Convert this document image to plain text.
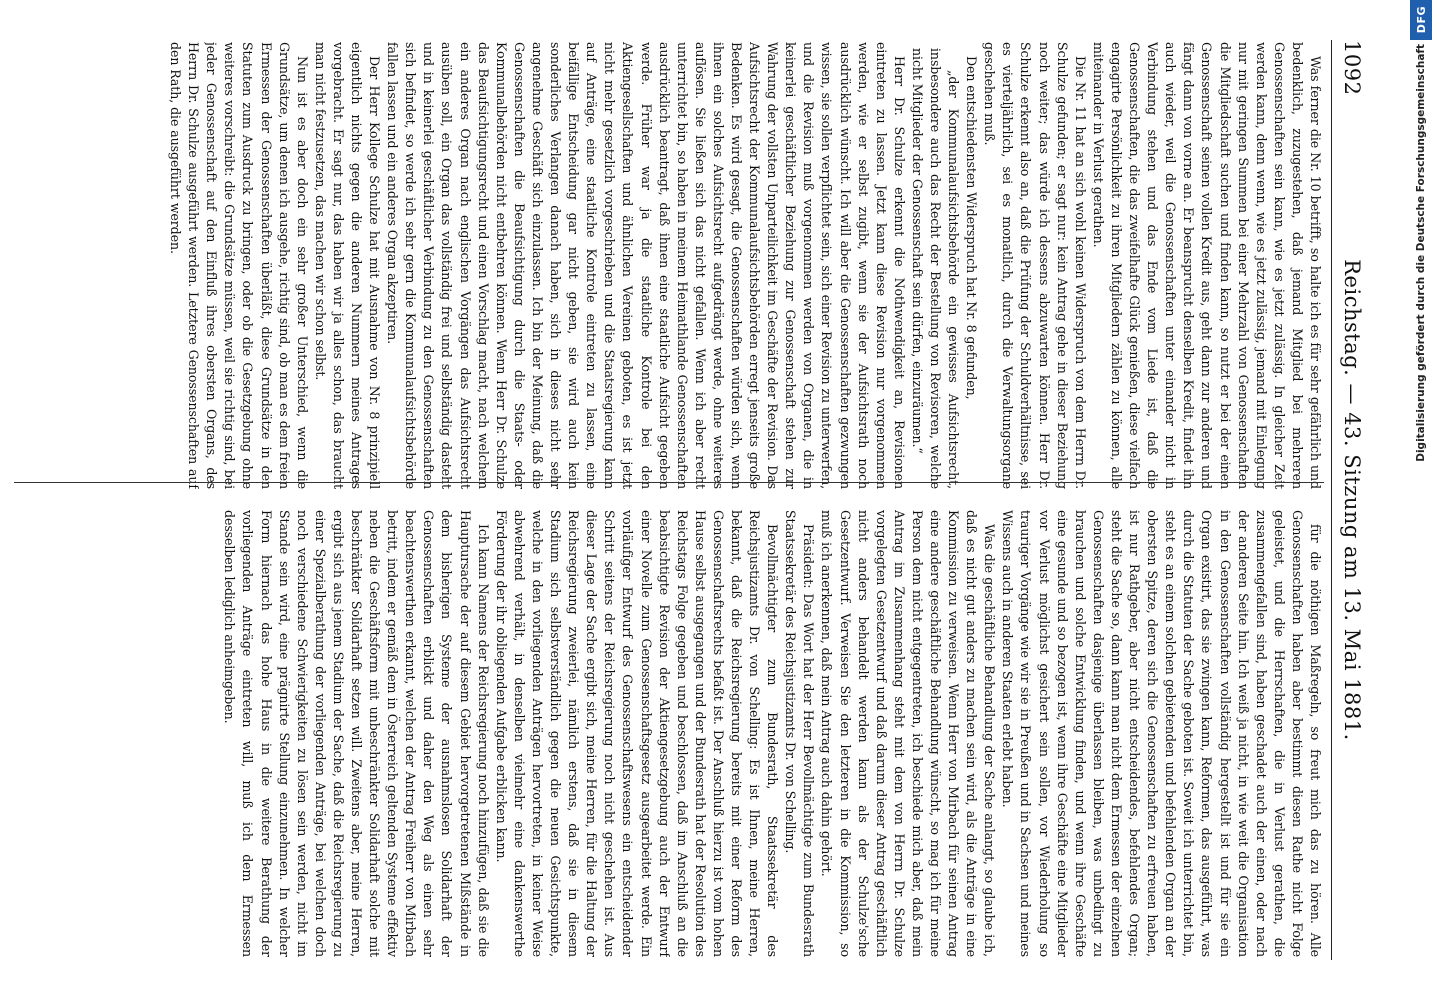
1092
Reichstag. — 43. Sitzung am 13. Mai 1881.

Was ferner die Nr. 10 betrifft, so halte ich es für sehr gefährlich und bedenklich, zuzugestehen, daß jemand Mitglied bei mehreren Genossenschaften sein kann, wie es jetzt zulässig. In gleicher Zeit werden kann, denn wenn, wie es jetzt zulässig, jemand mit Einlegung nur mit geringen Summen bei einer Mehrzahl von Genossenschaften die Mitgliedschaft suchen und finden kann, so nutzt er bei der einen Genossenschaft seinen vollen Kredit aus, geht dann zur anderen und fängt dann von vorne an. Er beansprucht denselben Kredit, findet ihn auch wieder, weil die Genossenschaften unter einander nicht in Verbindung stehen und das Ende vom Liede ist, daß die Genossenschaften, die das zweifelhafte Glück genießen, diese vielfach engagirte Persönlichkeit zu ihren Mitgliedern zählen zu können, alle miteinander in Verlust gerathen.

Die Nr. 11 hat an sich wohl keinen Widerspruch von dem Herrn Dr. Schulze gefunden; er sagt nur: kein Antrag gehe in dieser Beziehung noch weiter; das würde ich dessens abzuwarten können. Herr Dr. Schulze erkennt also an, daß die Prüfung der Schuldverhältnisse, sei es vierteljährlich, sei es monatlich, durch die Verwaltungsorgane geschehen muß.

Den entschiedensten Widerspruch hat Nr. 8 gefunden,

„der Kommunalaufsichtsbehörde ein gewisses Aufsichtsrecht, insbesondere auch das Recht der Bestellung von Revisoren, welche nicht Mitglieder der Genossenschaft sein dürfen, einzuräumen.“

Herr Dr. Schulze erkennt die Nothwendigkeit an, Revisionen eintreten zu lassen. Jetzt kann diese Revision nur vorgenommen werden, wie er selbst zugibt, wenn sie der Aufsichtsrath noch ausdrücklich wünscht. Ich will aber die Genossenschaften gezwungen wissen, sie sollen verpflichtet sein, sich einer Revision zu unterwerfen, und die Revision muß vorgenommen werden von Organen, die in keinerlei geschäftlicher Beziehung zur Genossenschaft stehen zur Wahrung der vollsten Unparteilichkeit im Geschäfte der Revision. Das Aufsichtsrecht der Kommunalaufsichtsbehörden erregt jenseits große Bedenken. Es wird gesagt, die Genossenschaften würden sich, wenn ihnen ein solches Aufsichtsrecht aufgedrängt werde, ohne weiteres auflösen. Sie ließen sich das nicht gefallen. Wenn ich aber recht unterrichtet bin, so haben in meinem Heimathlande Genossenschaften ausdrücklich beantragt, daß ihnen eine staatliche Aufsicht gegeben werde. Früher war ja die staatliche Kontrole bei den Aktiengesellschaften und ähnlichen Vereinen geboten, es ist jetzt nicht mehr gesetzlich vorgeschrieben und die Staatsregierung kann auf Anträge, eine staatliche Kontrole eintreten zu lassen, eine beifällige Entscheidung gar nicht geben, sie wird auch kein sonderliches Verlangen danach haben, sich in dieses nicht sehr angenehme Geschäft sich einzulassen. Ich bin der Meinung, daß die Genossenschaften die Beaufsichtigung durch die Staats- oder Kommunalbehörden nicht entbehren können. Wenn Herr Dr. Schulze das Beaufsichtigungsrecht und einen Vorschlag macht, nach welchem ein anderes Organ nach englischen Vorgängen das Aufsichtsrecht ausüben soll, ein Organ das vollständig frei und selbständig dasteht und in keinerlei geschäftlicher Verbindung zu den Genossenschaften sich befindet, so werde ich sehr gern die Kommunalaufsichtsbehörde fallen lassen und ein anderes Organ akzeptiren.

Der Herr Kollege Schulze hat mit Ausnahme von Nr. 8 prinzipiell eigentlich nichts gegen die anderen Nummern meines Antrages vorgebracht. Er sagt nur, das haben wir ja alles schon, das braucht man nicht festzusetzen, das machen wir schon selbst.

Nun ist es aber doch ein sehr großer Unterschied, wenn die Grundsätze, um denen ich ausgehe, richtig sind, ob man es dem freien Ermessen der Genossenschaften überläßt, diese Grundsätze in den Statuten zum Ausdruck zu bringen, oder ob die Gesetzgebung ohne weiteres vorschreibt: die Grundsätze müssen, weil sie richtig sind, bei jeder Genossenschaft auf den Einfluß ihres obersten Organs, des Herrn Dr. Schulze ausgeführt werden. Letztere Genossenschaften auf den Rath, die ausgeführt werden.

für die nöthigen Maßregeln, so freut mich das zu hören. Alle Genossenschaften haben aber bestimmt diesen Rathe nicht Folge geleistet, und die Herrschaften, die in Verlust gerathen, die zusammengefallen sind, haben geschadet auch der einen, oder nach der anderen Seite hin. Ich weiß ja nicht, in wie weit die Organisation in den Genossenschaften vollständig hergestellt ist und für sie ein Organ existirt, das sie zwingen kann, Reformen, das ausgeführt, was durch die Statuten der Sache geboten ist. Soweit ich unterrichtet bin, steht es an einem solchen gebietenden und befehlenden Organ an der obersten Spitze, deren sich die Genossenschaften zu erfreuen haben, ist nur Rathgeber, aber nicht entscheidendes, befehlendes Organ; steht die Sache so, dann kann man nicht dem Ermessen der einzelnen Genossenschaften dasjenige überlassen bleiben, was unbedingt zu brauchen und solche Entwicklung finden, und wenn ihre Geschäfte eine gesunde und so bezogen ist, wenn ihre Geschäfte eine Mitglieder vor Verlust möglichst gesichert sein sollen, vor Wiederholung so trauriger Vorgänge wie wir sie in Preußen und in Sachsen und meines Wissens auch in anderen Staaten erlebt haben.

Was die geschäftliche Behandlung der Sache anlangt, so glaube ich, daß es nicht gut anders zu machen sein wird, als die Anträge in eine Kommission zu verweisen. Wenn Herr von Mirbach für seinen Antrag eine andere geschäftliche Behandlung wünscht, so mag ich für meine Person dem nicht entgegentreten, ich beschiede mich aber, daß mein Antrag im Zusammenhang steht mit dem von Herrn Dr. Schulze vorgelegten Gesetzentwurf und daß darum dieser Antrag geschäftlich nicht anders behandelt werden kann als der Schulze'sche Gesetzentwurf. Verweisen Sie den letzteren in die Kommission, so muß ich anerkennen, daß mein Antrag auch dahin gehört.

Präsident: Das Wort hat der Herr Bevollmächtigte zum Bundesrath Staatssekretär des Reichsjustizamts Dr. von Schelling.

Bevollmächtigter zum Bundesrath, Staatssekretär des Reichsjustizamts Dr. von Schelling: Es ist Ihnen, meine Herren, bekannt, daß die Reichsregierung bereits mit einer Reform des Genossenschaftsrechts befaßt ist. Der Anschluß hierzu ist vom hohen Hause selbst ausgegangen und der Bundesrath hat der Resolution des Reichstags Folge gegeben und beschlossen, daß im Anschluß an die beabsichtigte Revision der Aktiengesetzgebung auch der Entwurf einer Novelle zum Genossenschaftsgesetz ausgearbeitet werde. Ein vorläufiger Entwurf des Genossenschaftswesens ein entscheidender Schritt seitens der Reichsregierung noch nicht geschehen ist. Aus dieser Lage der Sache ergibt sich, meine Herren, für die Haltung der Reichsregierung zweierlei, nämlich erstens, daß sie in diesem Stadium sich selbstverständlich gegen die neuen Gesichtspunkte, welche in den vorliegenden Anträgen hervortreten, in keiner Weise abwehrend verhält, in denselben vielmehr eine dankenswerthe Förderung der ihr obliegenden Aufgabe erblicken kann.

Ich kann Namens der Reichsregierung noch hinzufügen, daß sie die Hauptursache der auf diesem Gebiet hervorgetretenen Mißstände in dem bisherigen Systeme der ausnahmslosen Solidarhaft der Genossenschaften erblickt und daher den Weg als einen sehr beachtenswerthen erkannt, welchen der Antrag Freiherr von Mirbach betritt, indem er gemäß dem in Österreich geltenden Systeme effektiv neben die Geschäftsform mit unbeschränkter Solidarhaft solche mit beschränkter Solidarhaft setzen will. Zweitens aber, meine Herren, ergibt sich aus jenem Stadium der Sache, daß die Reichsregierung zu einer Spezialberathung der vorliegenden Anträge, bei welchen doch noch verschiedene Schwierigkeiten zu lösen sein werden, nicht im Stande sein wird, eine prägnirte Stellung einzunehmen. In welcher Form hiernach das hohe Haus in die weitere Berathung der vorliegenden Anträge eintreten will, muß ich dem Ermessen desselben lediglich anheimgeben.

DFG
Digitalisierung gefördert durch die Deutsche Forschungsgemeinschaft
